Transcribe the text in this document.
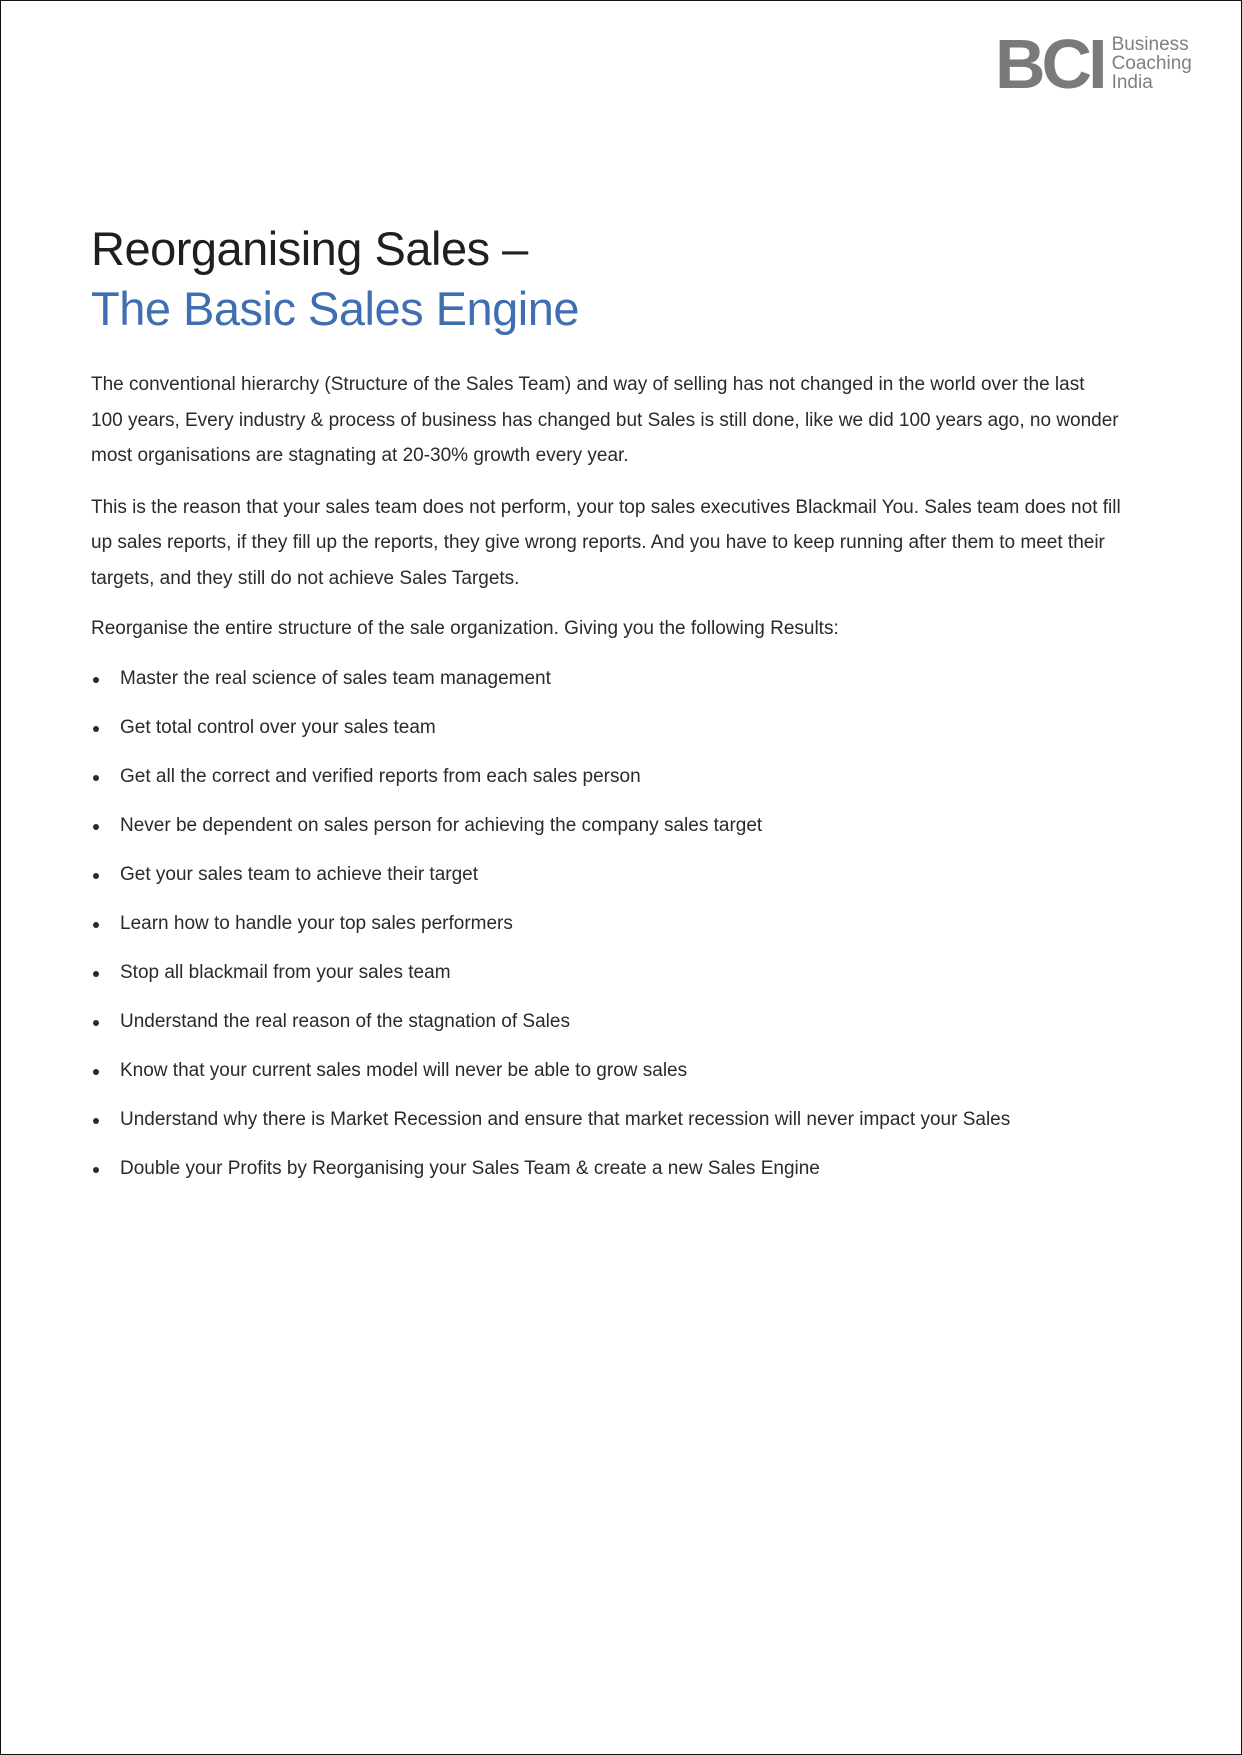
BCI Business
Coaching
India
Reorganising Sales –
The Basic Sales Engine

The conventional hierarchy (Structure of the Sales Team) and way of selling has not changed in the world over the last 100 years, Every industry & process of business has changed but Sales is still done, like we did 100 years ago, no wonder most organisations are stagnating at 20-30% growth every year.

This is the reason that your sales team does not perform, your top sales executives Blackmail You. Sales team does not fill up sales reports, if they fill up the reports, they give wrong reports. And you have to keep running after them to meet their targets, and they still do not achieve Sales Targets.

Reorganise the entire structure of the sale organization. Giving you the following Results:

Master the real science of sales team management
Get total control over your sales team
Get all the correct and verified reports from each sales person
Never be dependent on sales person for achieving the company sales target
Get your sales team to achieve their target
Learn how to handle your top sales performers
Stop all blackmail from your sales team
Understand the real reason of the stagnation of Sales
Know that your current sales model will never be able to grow sales
Understand why there is Market Recession and ensure that market recession will never impact your Sales
Double your Profits by Reorganising your Sales Team & create a new Sales Engine
